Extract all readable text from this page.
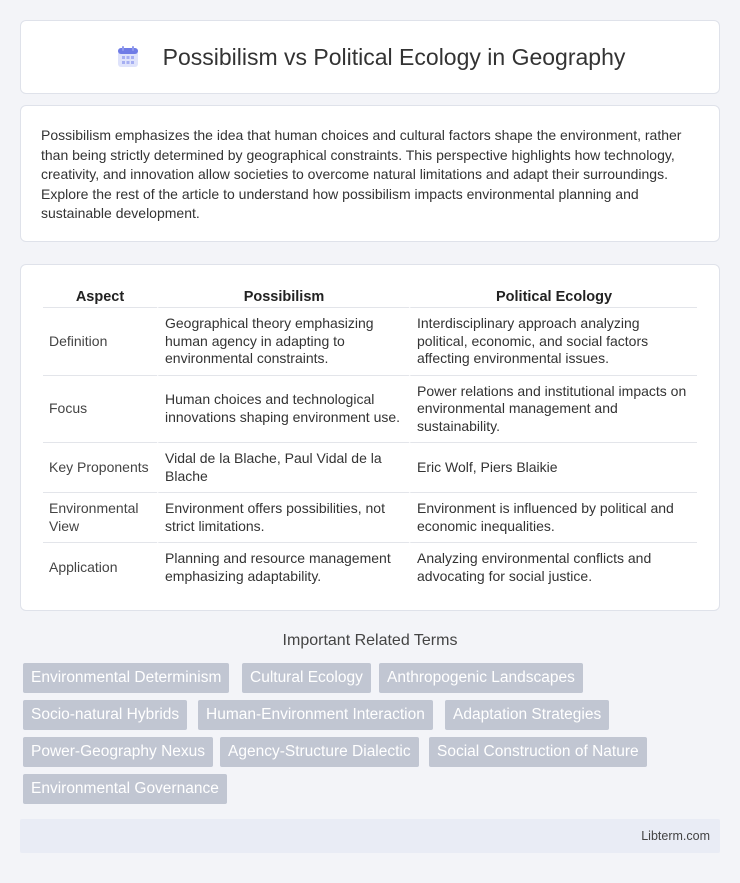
Possibilism vs Political Ecology in Geography

Possibilism emphasizes the idea that human choices and cultural factors shape the environment, rather than being strictly determined by geographical constraints. This perspective highlights how technology, creativity, and innovation allow societies to overcome natural limitations and adapt their surroundings. Explore the rest of the article to understand how possibilism impacts environmental planning and sustainable development.

Aspect	Possibilism	Political Ecology
Definition	Geographical theory emphasizing human agency in adapting to environmental constraints.	Interdisciplinary approach analyzing political, economic, and social factors affecting environmental issues.
Focus	Human choices and technological innovations shaping environment use.	Power relations and institutional impacts on environmental management and sustainability.
Key Proponents	Vidal de la Blache, Paul Vidal de la Blache	Eric Wolf, Piers Blaikie
Environmental View	Environment offers possibilities, not strict limitations.	Environment is influenced by political and economic inequalities.
Application	Planning and resource management emphasizing adaptability.	Analyzing environmental conflicts and advocating for social justice.
Important Related Terms
Environmental Determinism	Cultural Ecology	Anthropogenic Landscapes
Socio-natural Hybrids	Human-Environment Interaction	Adaptation Strategies
Power-Geography Nexus	Agency-Structure Dialectic	Social Construction of Nature
Environmental Governance
Libterm.com
